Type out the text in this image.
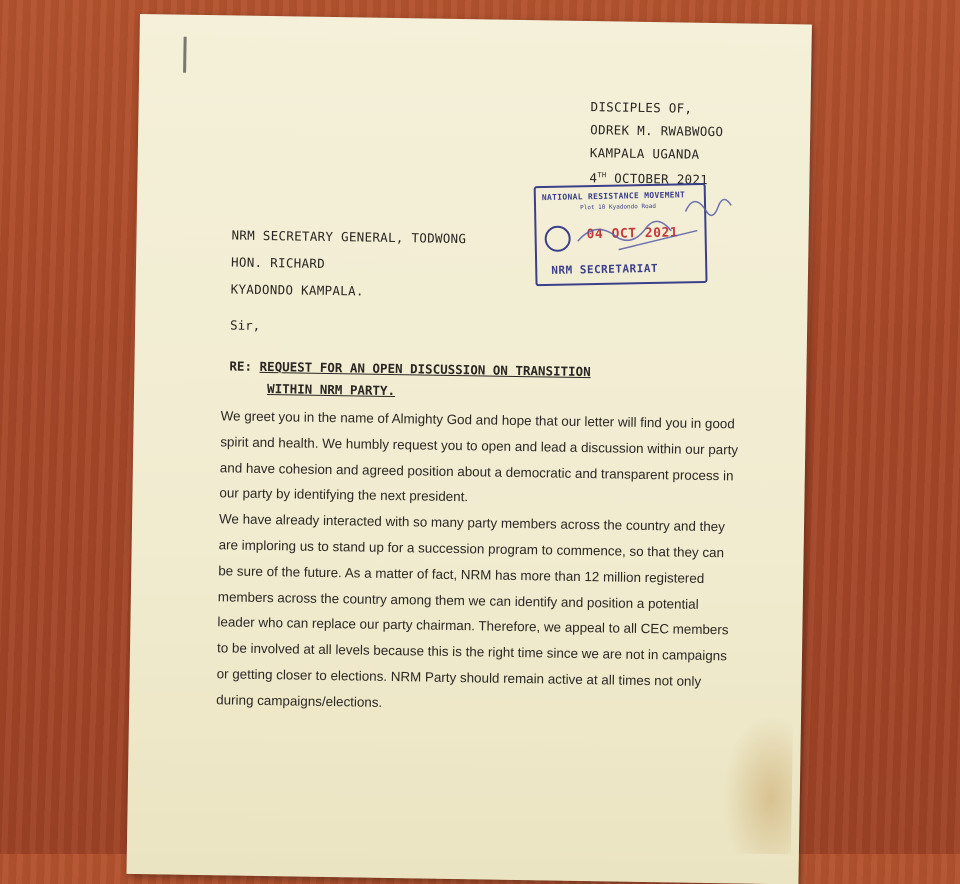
DISCIPLES OF,
ODREK M. RWABWOGO
KAMPALA UGANDA
4TH OCTOBER 2021
NRM SECRETARY GENERAL, TODWONG
HON. RICHARD
KYADONDO KAMPALA.
NATIONAL RESISTANCE MOVEMENT
Plot 10 Kyadondo Road
04 OCT 2021
NRM SECRETARIAT
Sir,
RE: REQUEST FOR AN OPEN DISCUSSION ON TRANSITION
WITHIN NRM PARTY.

We greet you in the name of Almighty God and hope that our letter will find you in good spirit and health. We humbly request you to open and lead a discussion within our party and have cohesion and agreed position about a democratic and transparent process in our party by identifying the next president.

We have already interacted with so many party members across the country and they are imploring us to stand up for a succession program to commence, so that they can be sure of the future. As a matter of fact, NRM has more than 12 million registered members across the country among them we can identify and position a potential leader who can replace our party chairman. Therefore, we appeal to all CEC members to be involved at all levels because this is the right time since we are not in campaigns or getting closer to elections. NRM Party should remain active at all times not only during campaigns/elections.
